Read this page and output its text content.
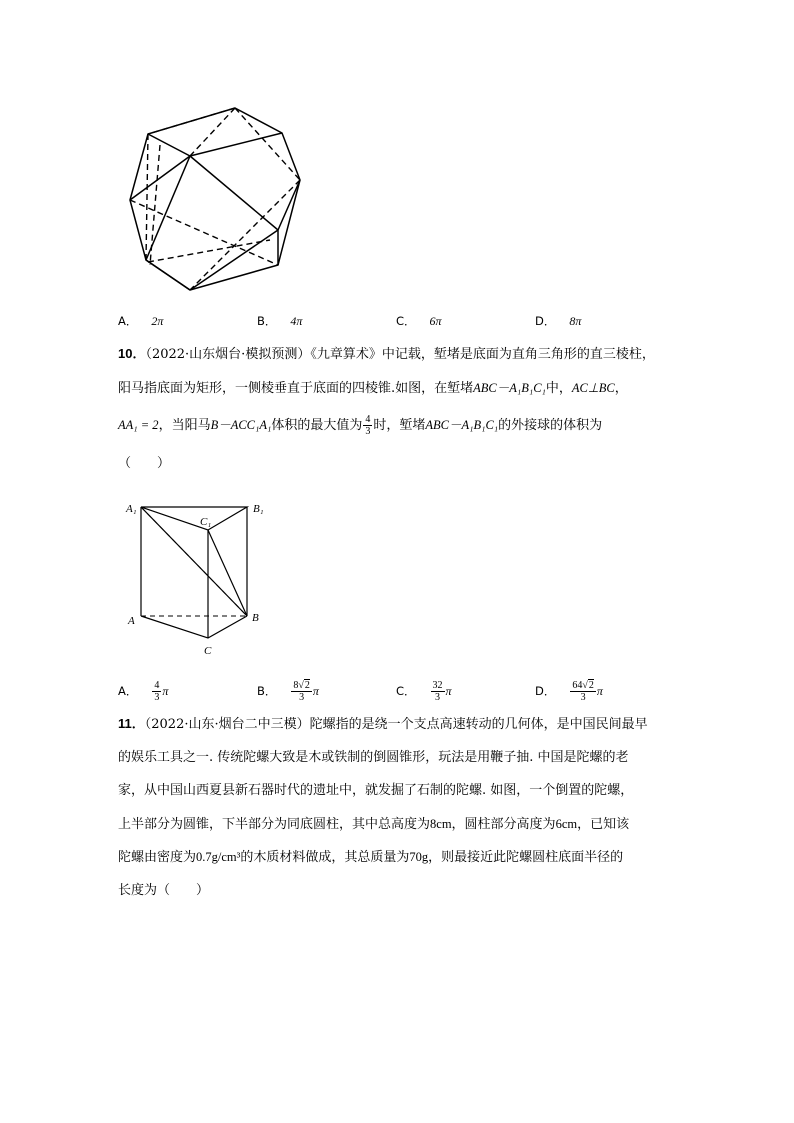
A． 2π	B． 4π	C． 6π	D． 8π
10．（2022·山东烟台·模拟预测）《九章算术》中记载，堑堵是底面为直角三角形的直三棱柱，
阳马指底面为矩形，一侧棱垂直于底面的四棱锥.如图，在堑堵ABC－A₁B₁C₁中，AC⊥BC，
AA₁ = 2，当阳马B－ACC₁A₁体积的最大值为 $\frac{4}{3}$ 时，堑堵ABC－A₁B₁C₁的外接球的体积为
（　　）
A₁	B₁
C₁
A	B
C
A． $\frac{4}{3}$ π	B． $\frac{8√2}{3}$ π	C． $\frac{32}{3}$ π	D． $\frac{64√2}{3}$ π
11．（2022·山东·烟台二中三模）陀螺指的是绕一个支点高速转动的几何体，是中国民间最早
的娱乐工具之一. 传统陀螺大致是木或铁制的倒圆锥形，玩法是用鞭子抽. 中国是陀螺的老
家，从中国山西夏县新石器时代的遗址中，就发掘了石制的陀螺. 如图，一个倒置的陀螺，
上半部分为圆锥，下半部分为同底圆柱，其中总高度为8cm，圆柱部分高度为6cm，已知该
陀螺由密度为0.7g/cm³的木质材料做成，其总质量为70g，则最接近此陀螺圆柱底面半径的
长度为（　　）
